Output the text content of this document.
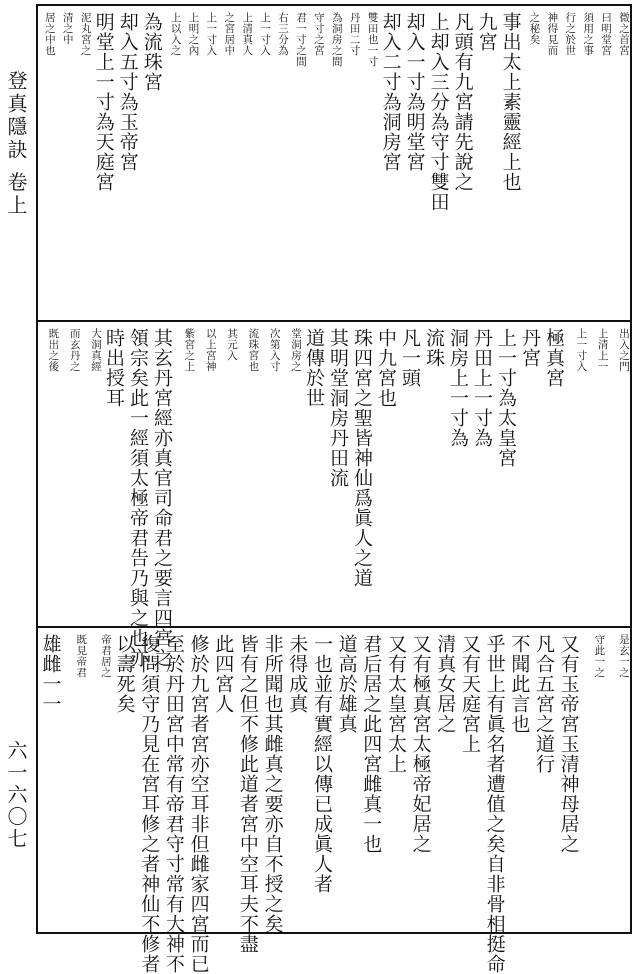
登真隱訣 卷上
六一六〇七
微之首宮
曰明堂宮
須用之事
行之於世
神得見而
之秘矣
事出太上素靈經上也
九宮
凡頭有九宮請先說之
上却入三分為守寸雙田
却入一寸為明堂宮
却入二寸為洞房宮
雙田也一寸
丹田二寸
為洞房之間
守寸之宮
君一寸之間
右三分為
上一寸入
上清真人
之宮居中
上一寸入
上明之內
上以入之
為流珠宮
却入五寸為玉帝宮
明堂上一寸為天庭宮
泥丸宮之
清之中
居之中也
出入之門
上清上一
上一寸入
極真宮
丹宮
上一寸為太皇宮
丹田上一寸為
洞房上一寸為
流珠
凡一頭
中九宮也
珠四宮之聖皆神仙爲眞人之道
其明堂洞房丹田流
道傳於世
堂洞房之
次第入寸
流珠宮也
其元入
以上宮神
紫宮之上
其玄丹宮經亦真官司命君之要言四宮之
領宗矣此一經須太極帝君告乃與之也亦
時出授耳
大洞真經
而玄丹之
既出之後
是玄一之
守此一之
又有玉帝宮玉清神母居之
凡合五宮之道行
不聞此言也
乎世上有眞名者遭值之矣自非骨相挺命
又有天庭宮上
清真女居之
又有極真宮太極帝妃居之
又有太皇宮太上
君后居之此四宮雌真一也
道高於雄真
一也並有實經以傳已成眞人者
未得成真
非所聞也其雌真之要亦自不授之矣
皆有之但不修此道者宮中空耳夫不盡
此四宮人
修於九宮者宮亦空耳非但雌家四宮而已
至於丹田宮中常有帝君守寸常有大神不
復問須守乃見在宮耳修之者神仙不修者
以壽死矣
帝君居之
既見帝君
雄雌一一
